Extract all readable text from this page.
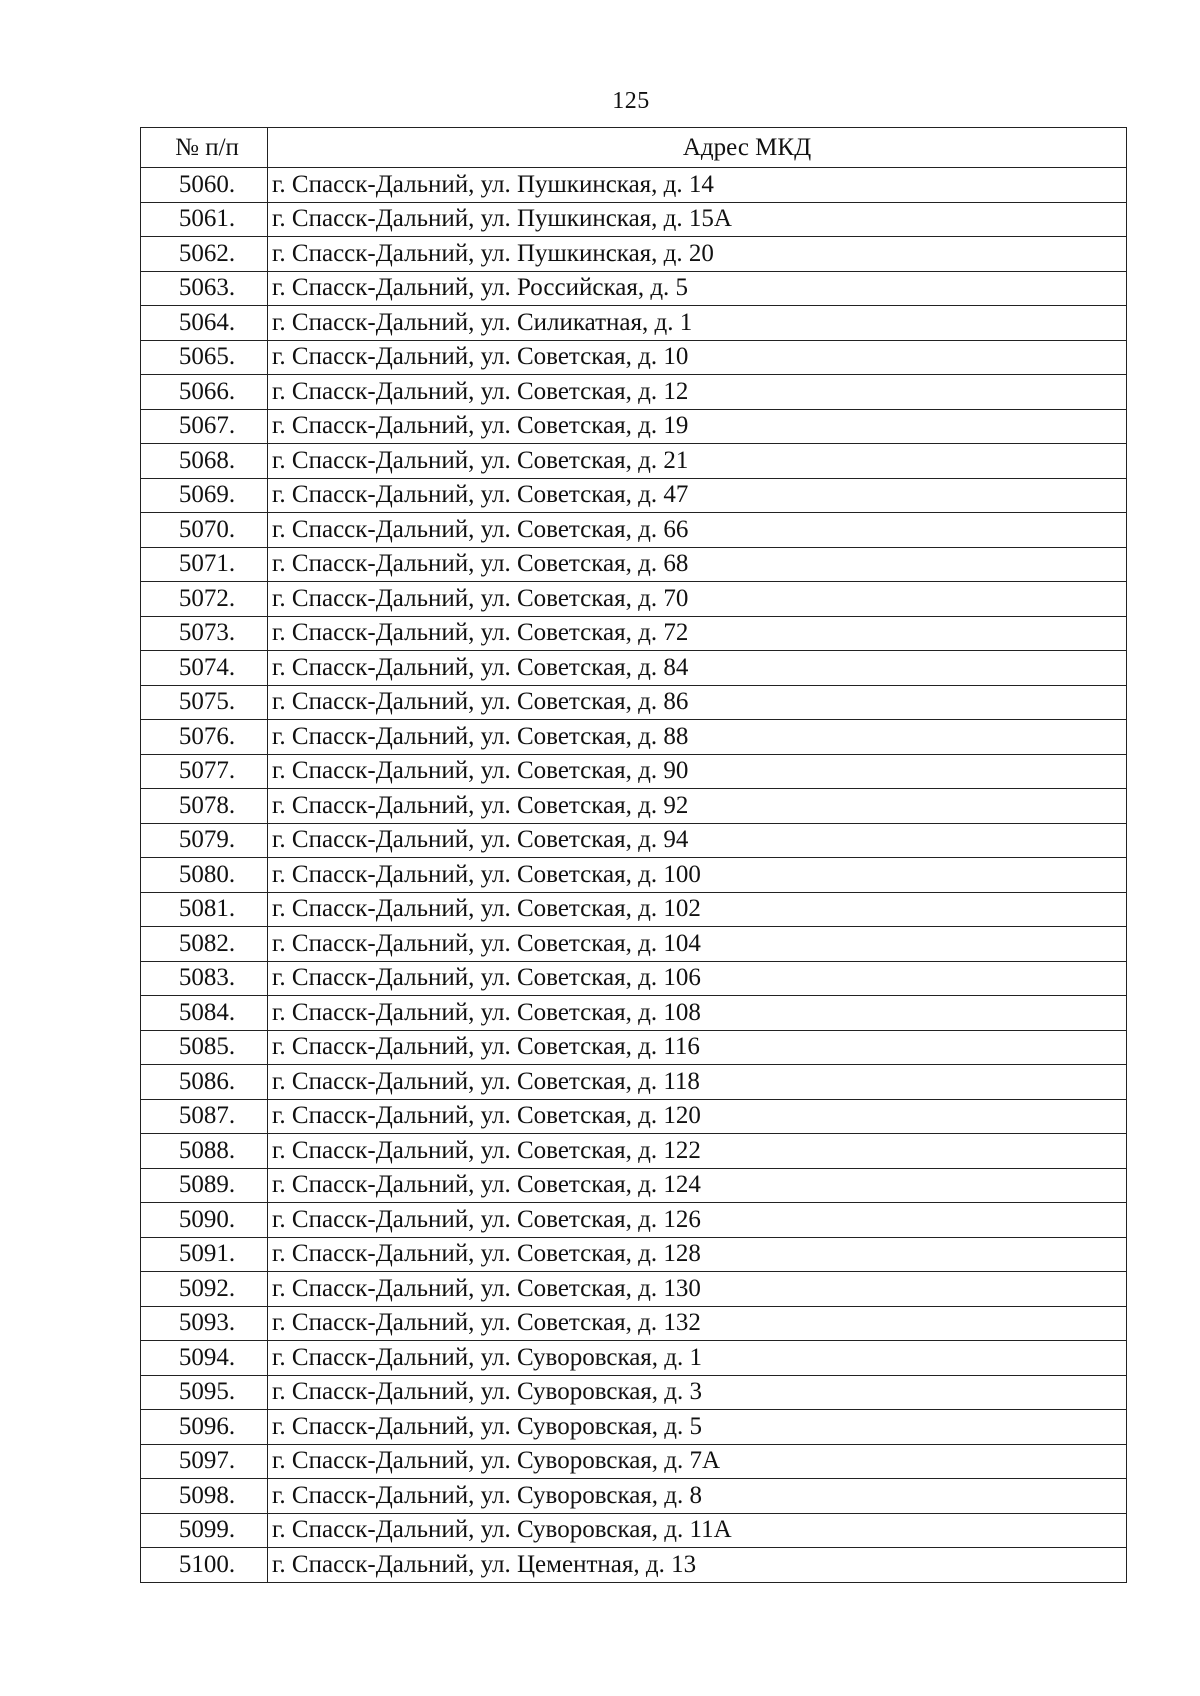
125
№ п/п	Адрес МКД
5060.	г. Спасск-Дальний, ул. Пушкинская, д. 14
5061.	г. Спасск-Дальний, ул. Пушкинская, д. 15А
5062.	г. Спасск-Дальний, ул. Пушкинская, д. 20
5063.	г. Спасск-Дальний, ул. Российская, д. 5
5064.	г. Спасск-Дальний, ул. Силикатная, д. 1
5065.	г. Спасск-Дальний, ул. Советская, д. 10
5066.	г. Спасск-Дальний, ул. Советская, д. 12
5067.	г. Спасск-Дальний, ул. Советская, д. 19
5068.	г. Спасск-Дальний, ул. Советская, д. 21
5069.	г. Спасск-Дальний, ул. Советская, д. 47
5070.	г. Спасск-Дальний, ул. Советская, д. 66
5071.	г. Спасск-Дальний, ул. Советская, д. 68
5072.	г. Спасск-Дальний, ул. Советская, д. 70
5073.	г. Спасск-Дальний, ул. Советская, д. 72
5074.	г. Спасск-Дальний, ул. Советская, д. 84
5075.	г. Спасск-Дальний, ул. Советская, д. 86
5076.	г. Спасск-Дальний, ул. Советская, д. 88
5077.	г. Спасск-Дальний, ул. Советская, д. 90
5078.	г. Спасск-Дальний, ул. Советская, д. 92
5079.	г. Спасск-Дальний, ул. Советская, д. 94
5080.	г. Спасск-Дальний, ул. Советская, д. 100
5081.	г. Спасск-Дальний, ул. Советская, д. 102
5082.	г. Спасск-Дальний, ул. Советская, д. 104
5083.	г. Спасск-Дальний, ул. Советская, д. 106
5084.	г. Спасск-Дальний, ул. Советская, д. 108
5085.	г. Спасск-Дальний, ул. Советская, д. 116
5086.	г. Спасск-Дальний, ул. Советская, д. 118
5087.	г. Спасск-Дальний, ул. Советская, д. 120
5088.	г. Спасск-Дальний, ул. Советская, д. 122
5089.	г. Спасск-Дальний, ул. Советская, д. 124
5090.	г. Спасск-Дальний, ул. Советская, д. 126
5091.	г. Спасск-Дальний, ул. Советская, д. 128
5092.	г. Спасск-Дальний, ул. Советская, д. 130
5093.	г. Спасск-Дальний, ул. Советская, д. 132
5094.	г. Спасск-Дальний, ул. Суворовская, д. 1
5095.	г. Спасск-Дальний, ул. Суворовская, д. 3
5096.	г. Спасск-Дальний, ул. Суворовская, д. 5
5097.	г. Спасск-Дальний, ул. Суворовская, д. 7А
5098.	г. Спасск-Дальний, ул. Суворовская, д. 8
5099.	г. Спасск-Дальний, ул. Суворовская, д. 11А
5100.	г. Спасск-Дальний, ул. Цементная, д. 13
